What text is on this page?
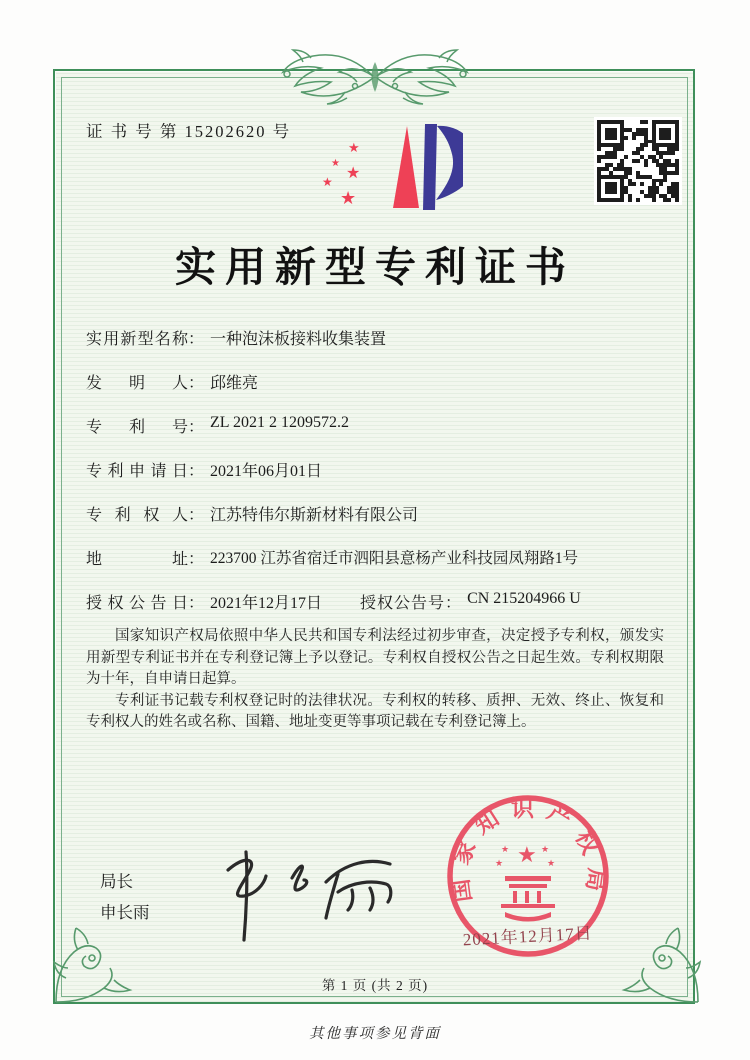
证 书 号 第 15202620 号
★
★
★
★
★
实用新型专利证书
实用新型名称 ： 一种泡沫板接料收集装置
发明人 ： 邱维亮
专利号 ： ZL 2021 2 1209572.2
专利申请日 ： 2021年06月01日
专利权人 ： 江苏特伟尔斯新材料有限公司
地址 ： 223700 江苏省宿迁市泗阳县意杨产业科技园凤翔路1号
授权公告日 ： 2021年12月17日 授权公告号 ： CN 215204966 U

国家知识产权局依照中华人民共和国专利法经过初步审查，决定授予专利权，颁发实用新型专利证书并在专利登记簿上予以登记。专利权自授权公告之日起生效。专利权期限为十年，自申请日起算。

专利证书记载专利权登记时的法律状况。专利权的转移、质押、无效、终止、恢复和专利权人的姓名或名称、国籍、地址变更等事项记载在专利登记簿上。

局长
申长雨
国家知识产权局
★
★	★
★	★
2021年12月17日
第 1 页 (共 2 页)
其他事项参见背面
